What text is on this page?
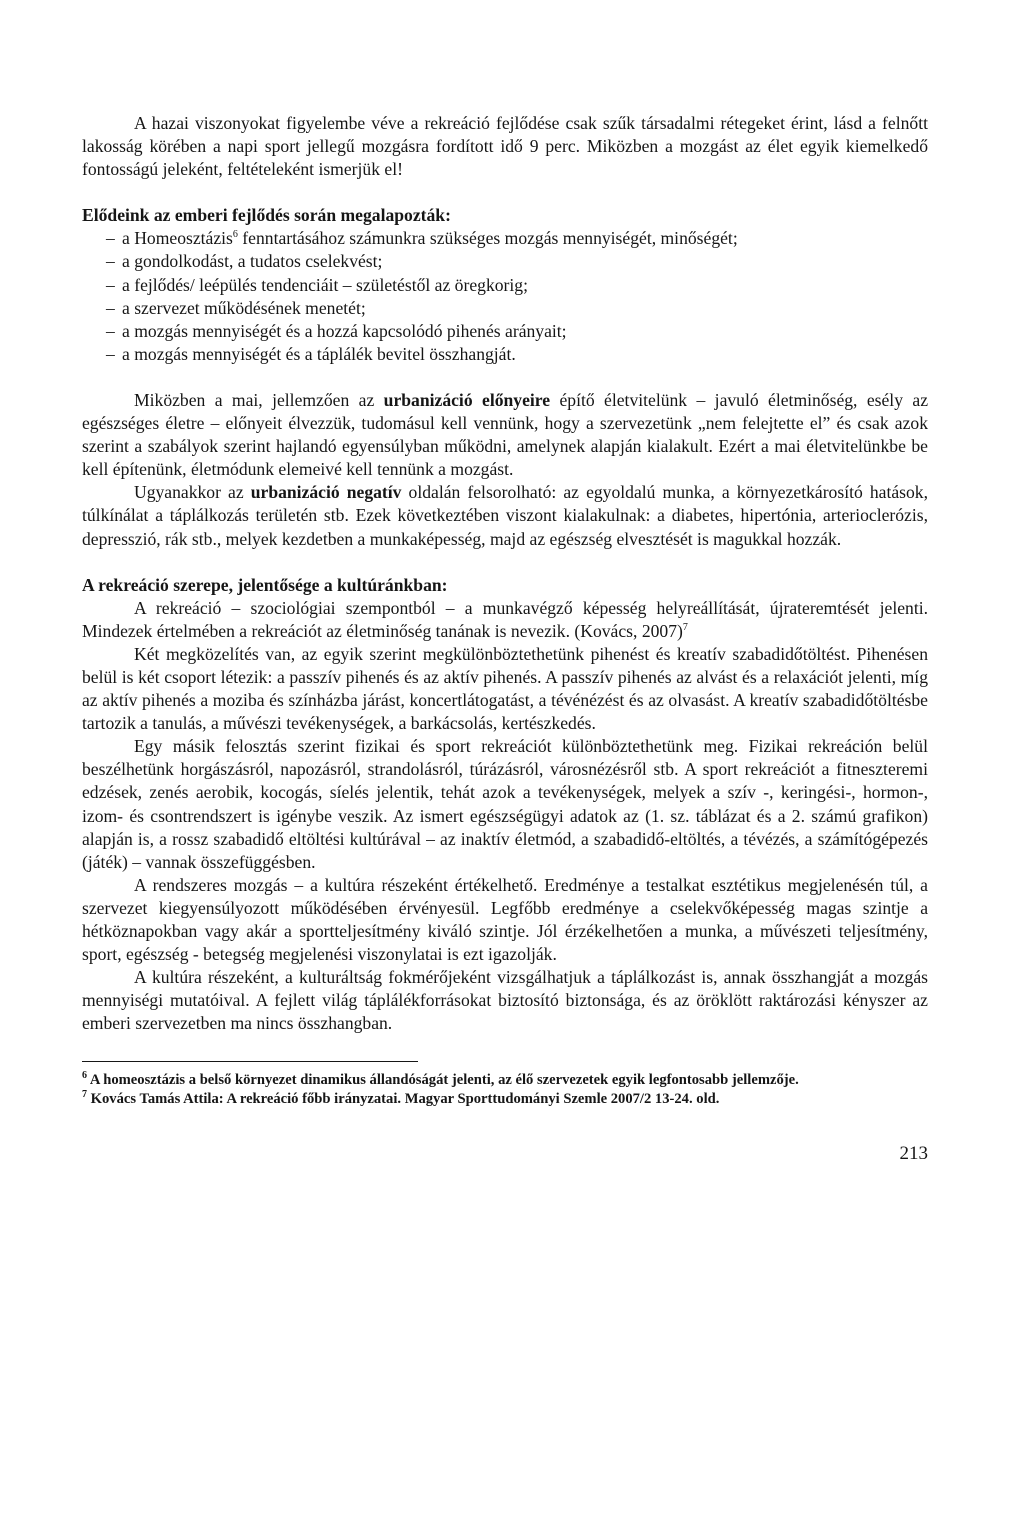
A hazai viszonyokat figyelembe véve a rekreáció fejlődése csak szűk társadalmi rétegeket érint, lásd a felnőtt lakosság körében a napi sport jellegű mozgásra fordított idő 9 perc. Miközben a mozgást az élet egyik kiemelkedő fontosságú jeleként, feltételeként ismerjük el!

Elődeink az emberi fejlődés során megalapozták:

– a Homeosztázis$^6$ fenntartásához számunkra szükséges mozgás mennyiségét, minőségét;
– a gondolkodást, a tudatos cselekvést;
– a fejlődés/ leépülés tendenciáit – születéstől az öregkorig;
– a szervezet működésének menetét;
– a mozgás mennyiségét és a hozzá kapcsolódó pihenés arányait;
– a mozgás mennyiségét és a táplálék bevitel összhangját.

Miközben a mai, jellemzően az urbanizáció előnyeire építő életvitelünk – javuló életminőség, esély az egészséges életre – előnyeit élvezzük, tudomásul kell vennünk, hogy a szervezetünk „nem felejtette el” és csak azok szerint a szabályok szerint hajlandó egyensúlyban működni, amelynek alapján kialakult. Ezért a mai életvitelünkbe be kell építenünk, életmódunk elemeivé kell tennünk a mozgást.

Ugyanakkor az urbanizáció negatív oldalán felsorolható: az egyoldalú munka, a környezetkárosító hatások, túlkínálat a táplálkozás területén stb. Ezek következtében viszont kialakulnak: a diabetes, hipertónia, arterioclerózis, depresszió, rák stb., melyek kezdetben a munkaképesség, majd az egészség elvesztését is magukkal hozzák.

A rekreáció szerepe, jelentősége a kultúránkban:

A rekreáció – szociológiai szempontból – a munkavégző képesség helyreállítását, újrateremtését jelenti. Mindezek értelmében a rekreációt az életminőség tanának is nevezik. (Kovács, 2007)$^7$

Két megközelítés van, az egyik szerint megkülönböztethetünk pihenést és kreatív szabadidőtöltést. Pihenésen belül is két csoport létezik: a passzív pihenés és az aktív pihenés. A passzív pihenés az alvást és a relaxációt jelenti, míg az aktív pihenés a moziba és színházba járást, koncertlátogatást, a tévénézést és az olvasást. A kreatív szabadidőtöltésbe tartozik a tanulás, a művészi tevékenységek, a barkácsolás, kertészkedés.

Egy másik felosztás szerint fizikai és sport rekreációt különböztethetünk meg. Fizikai rekreáción belül beszélhetünk horgászásról, napozásról, strandolásról, túrázásról, városnézésről stb. A sport rekreációt a fitneszteremi edzések, zenés aerobik, kocogás, síelés jelentik, tehát azok a tevékenységek, melyek a szív -, keringési-, hormon-, izom- és csontrendszert is igénybe veszik. Az ismert egészségügyi adatok az (1. sz. táblázat és a 2. számú grafikon) alapján is, a rossz szabadidő eltöltési kultúrával – az inaktív életmód, a szabadidő-eltöltés, a tévézés, a számítógépezés (játék) – vannak összefüggésben.

A rendszeres mozgás – a kultúra részeként értékelhető. Eredménye a testalkat esztétikus megjelenésén túl, a szervezet kiegyensúlyozott működésében érvényesül. Legfőbb eredménye a cselekvőképesség magas szintje a hétköznapokban vagy akár a sportteljesítmény kiváló szintje. Jól érzékelhetően a munka, a művészeti teljesítmény, sport, egészség - betegség megjelenési viszonylatai is ezt igazolják.

A kultúra részeként, a kulturáltság fokmérőjeként vizsgálhatjuk a táplálkozást is, annak összhangját a mozgás mennyiségi mutatóival. A fejlett világ táplálékforrásokat biztosító biztonsága, és az öröklött raktározási kényszer az emberi szervezetben ma nincs összhangban.

$^6$ A homeosztázis a belső környezet dinamikus állandóságát jelenti, az élő szervezetek egyik legfontosabb jellemzője.

$^7$ Kovács Tamás Attila: A rekreáció főbb irányzatai. Magyar Sporttudományi Szemle 2007/2 13-24. old.

213
